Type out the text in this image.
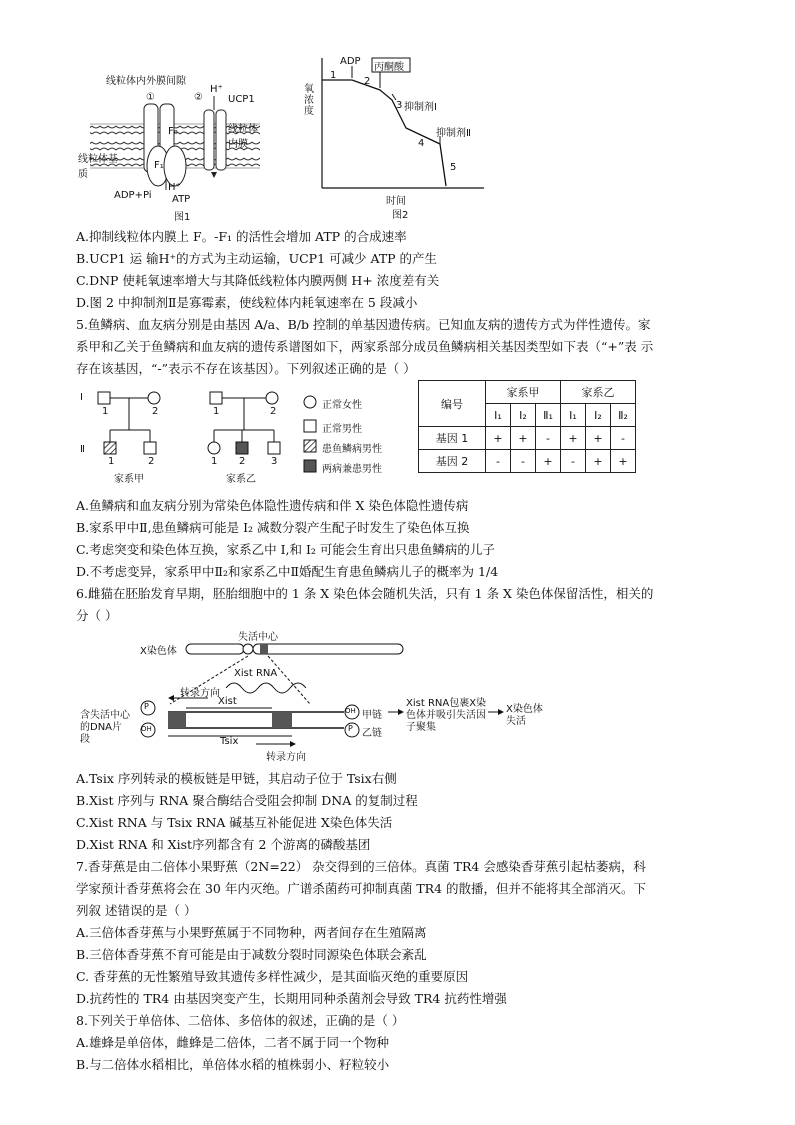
线粒体内外膜间隙
①	②
H⁺
UCP1
F₀
F₁
线粒体内膜
线粒体基质
H⁺
ADP+Pi ATP
图1
氧浓度
时间
ADP
丙酮酸
1
2
3 抑制剂Ⅰ
4
抑制剂Ⅱ
5
图2
A.抑制线粒体内膜上 F。-F₁ 的活性会增加 ATP 的合成速率
B.UCP1 运 输H⁺的方式为主动运输，UCP1 可减少 ATP 的产生
C.DNP 使耗氧速率增大与其降低线粒体内膜两侧 H+ 浓度差有关
D.图 2 中抑制剂Ⅱ是寡霉素，使线粒体内耗氧速率在 5 段减小
5.鱼鳞病、血友病分别是由基因 A/a、B/b 控制的单基因遗传病。已知血友病的遗传方式为伴性遗传。家
系甲和乙关于鱼鳞病和血友病的遗传系谱图如下，两家系部分成员鱼鳞病相关基因类型如下表（“+”表 示
存在该基因，“-”表示不存在该基因）。下列叙述正确的是（ ）
Ⅰ
Ⅱ
1	2
1	2
家系甲
1	2
1 2	3
家系乙
正常女性
正常男性
患鱼鳞病男性
两病兼患男性
编号	家系甲			家系乙		
	Ⅰ₁	Ⅰ₂	Ⅱ₁	Ⅰ₁	Ⅰ₂	Ⅱ₂
基因 1	+	+	-	+	+	-
基因 2	-	-	+	-	+	+
A.鱼鳞病和血友病分别为常染色体隐性遗传病和伴 X 染色体隐性遗传病
B.家系甲中Ⅱ,患鱼鳞病可能是 I₂ 减数分裂产生配子时发生了染色体互换
C.考虑突变和染色体互换，家系乙中 I,和 I₂ 可能会生育出只患鱼鳞病的儿子
D.不考虑变异，家系甲中Ⅱ₂和家系乙中Ⅱ婚配生育患鱼鳞病儿子的概率为 1/4
6.雌猫在胚胎发育早期，胚胎细胞中的 1 条 X 染色体会随机失活，只有 1 条 X 染色体保留活性，相关的
分（ ）
X染色体
失活中心
Xist RNA
转录方向
Xist
Tsix
含失活中心的DNA片段
P
OH
OH
P
甲链
乙链
Xist RNA包裹X染色体并吸引失活因子聚集
X染色体失活
转录方向
A.Tsix 序列转录的模板链是甲链，其启动子位于 Tsix右侧
B.Xist 序列与 RNA 聚合酶结合受阻会抑制 DNA 的复制过程
C.Xist RNA 与 Tsix RNA 碱基互补能促进 X染色体失活
D.Xist RNA 和 Xist序列都含有 2 个游离的磷酸基团
7.香芽蕉是由二倍体小果野蕉（2N=22） 杂交得到的三倍体。真菌 TR4 会感染香芽蕉引起枯萎病，科
学家预计香芽蕉将会在 30 年内灭绝。广谱杀菌药可抑制真菌 TR4 的散播，但并不能将其全部消灭。下
列叙 述错误的是（ ）
A.三倍体香芽蕉与小果野蕉属于不同物种，两者间存在生殖隔离
B.三倍体香芽蕉不育可能是由于减数分裂时同源染色体联会紊乱
C. 香芽蕉的无性繁殖导致其遗传多样性减少，是其面临灭绝的重要原因
D.抗药性的 TR4 由基因突变产生，长期用同种杀菌剂会导致 TR4 抗药性增强
8.下列关于单倍体、二倍体、多倍体的叙述，正确的是（ ）
A.雄蜂是单倍体，雌蜂是二倍体，二者不属于同一个物种
B.与二倍体水稻相比，单倍体水稻的植株弱小、籽粒较小
